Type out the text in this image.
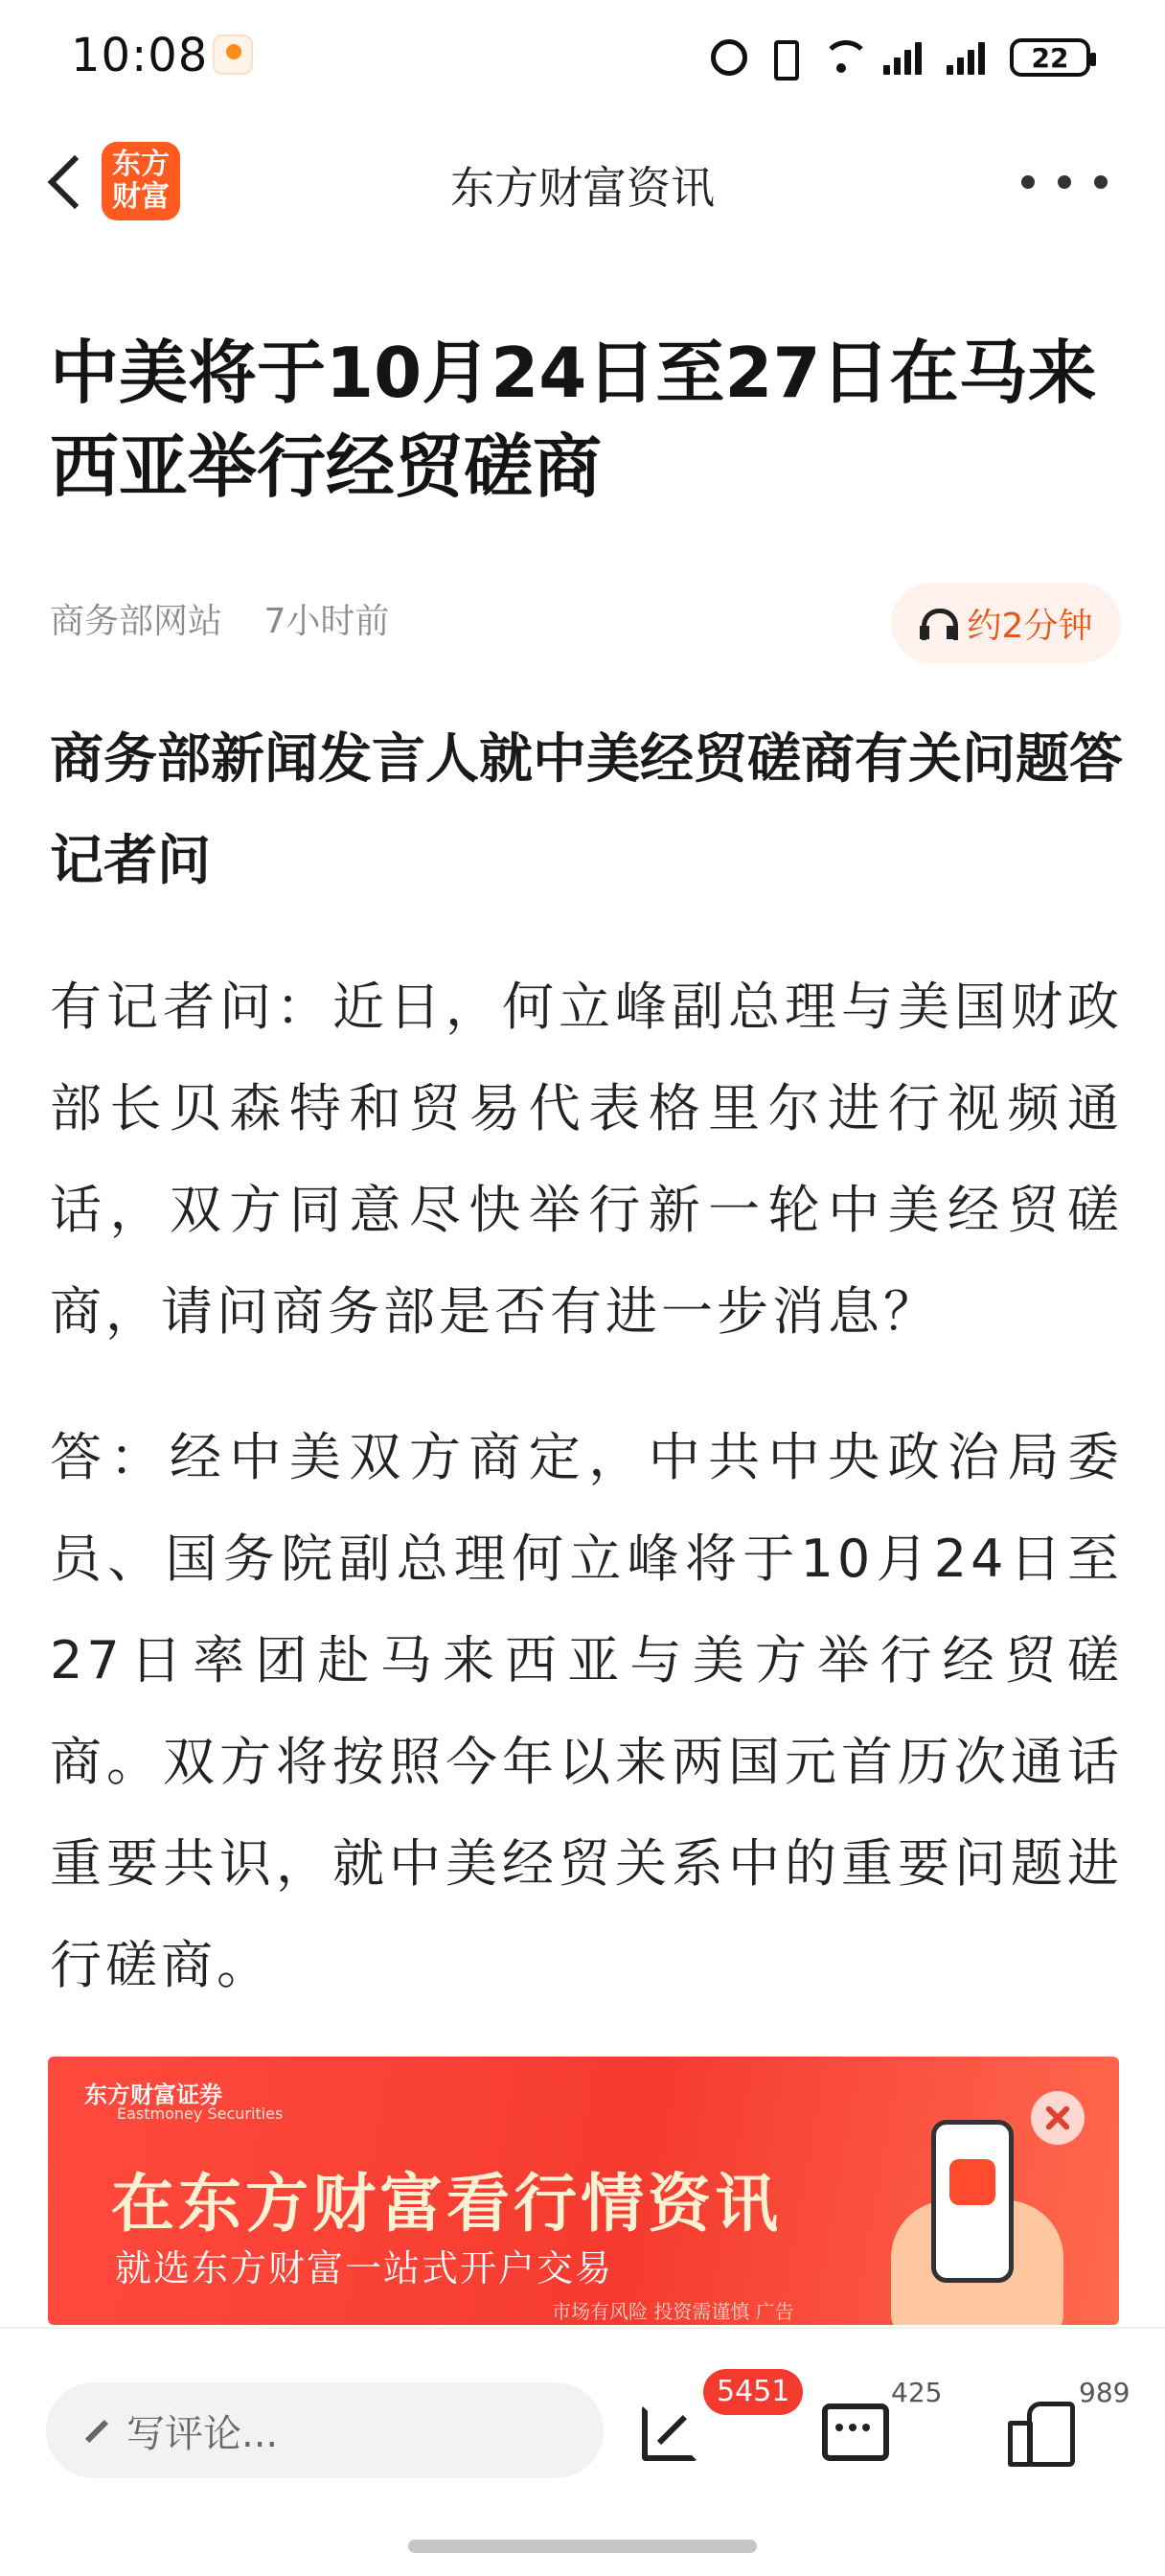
10:08	22
东方
财富	东方财富资讯
中美将于10月24日至27日在马来西亚举行经贸磋商
商务部网站 7小时前	约2分钟
商务部新闻发言人就中美经贸磋商有关问题答记者问

有记者问：近日，何立峰副总理与美国财政部长贝森特和贸易代表格里尔进行视频通话，双方同意尽快举行新一轮中美经贸磋商，请问商务部是否有进一步消息？

答：经中美双方商定，中共中央政治局委员、国务院副总理何立峰将于10月24日至27日率团赴马来西亚与美方举行经贸磋商。双方将按照今年以来两国元首历次通话重要共识，就中美经贸关系中的重要问题进行磋商。

东方财富证券
Eastmoney Securities
在东方财富看行情资讯
就选东方财富一站式开户交易
市场有风险 投资需谨慎 广告
写评论...
5451	425	989
